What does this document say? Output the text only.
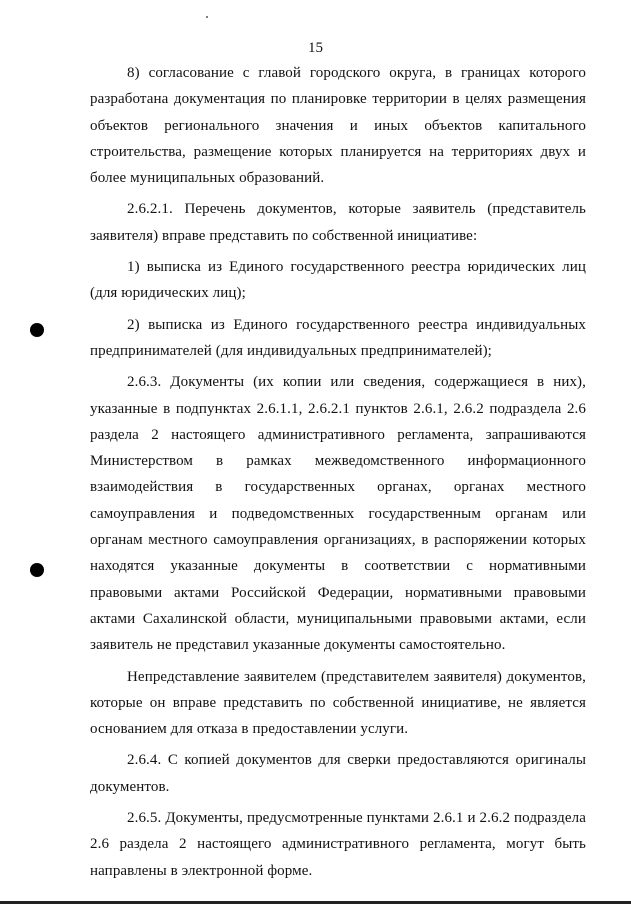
15

8) согласование с главой городского округа, в границах которого разработана документация по планировке территории в целях размещения объектов регионального значения и иных объектов капитального строительства, размещение которых планируется на территориях двух и более муниципальных образований.

2.6.2.1. Перечень документов, которые заявитель (представитель заявителя) вправе представить по собственной инициативе:

1) выписка из Единого государственного реестра юридических лиц (для юридических лиц);

2) выписка из Единого государственного реестра индивидуальных предпринимателей (для индивидуальных предпринимателей);

2.6.3. Документы (их копии или сведения, содержащиеся в них), указанные в подпунктах 2.6.1.1, 2.6.2.1 пунктов 2.6.1, 2.6.2 подраздела 2.6 раздела 2 настоящего административного регламента, запрашиваются Министерством в рамках межведомственного информационного взаимодействия в государственных органах, органах местного самоуправления и подведомственных государственным органам или органам местного самоуправления организациях, в распоряжении которых находятся указанные документы в соответствии с нормативными правовыми актами Российской Федерации, нормативными правовыми актами Сахалинской области, муниципальными правовыми актами, если заявитель не представил указанные документы самостоятельно.

Непредставление заявителем (представителем заявителя) документов, которые он вправе представить по собственной инициативе, не является основанием для отказа в предоставлении услуги.

2.6.4. С копией документов для сверки предоставляются оригиналы документов.

2.6.5. Документы, предусмотренные пунктами 2.6.1 и 2.6.2 подраздела 2.6 раздела 2 настоящего административного регламента, могут быть направлены в электронной форме.
